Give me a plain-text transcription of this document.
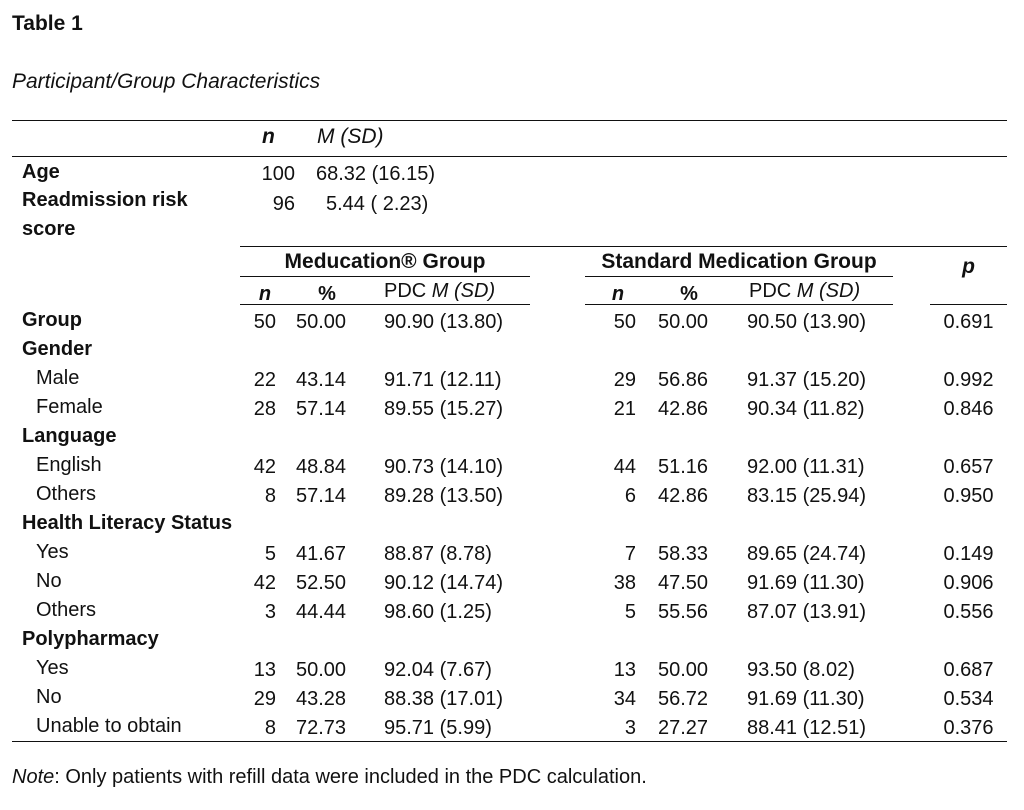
Table 1
Participant/Group Characteristics
n M (SD)
Age	100 68.32 (16.15)
Readmission risk
score
96 5.44 ( 2.23)
Meducation® Group	Standard Medication Group	p
n	%	PDC M (SD)	n	%	PDC M (SD)
Group	50 50.00	90.90 (13.80)	50 50.00	90.50 (13.90)	0.691
Gender
Male	22 43.14	91.71 (12.11)	29 56.86	91.37 (15.20)	0.992
Female	28 57.14	89.55 (15.27)	21 42.86	90.34 (11.82)	0.846
Language
English	42 48.84	90.73 (14.10)	44 51.16	92.00 (11.31)	0.657
Others	8 57.14	89.28 (13.50)	6 42.86	83.15 (25.94)	0.950
Health Literacy Status
Yes	5 41.67	88.87 (8.78)	7 58.33	89.65 (24.74)	0.149
No	42 52.50	90.12 (14.74)	38 47.50	91.69 (11.30)	0.906
Others	3 44.44	98.60 (1.25)	5 55.56	87.07 (13.91)	0.556
Polypharmacy
Yes	13 50.00	92.04 (7.67)	13 50.00	93.50 (8.02)	0.687
No	29 43.28	88.38 (17.01)	34 56.72	91.69 (11.30)	0.534
Unable to obtain	8 72.73	95.71 (5.99)	3 27.27	88.41 (12.51)	0.376
Note: Only patients with refill data were included in the PDC calculation.
